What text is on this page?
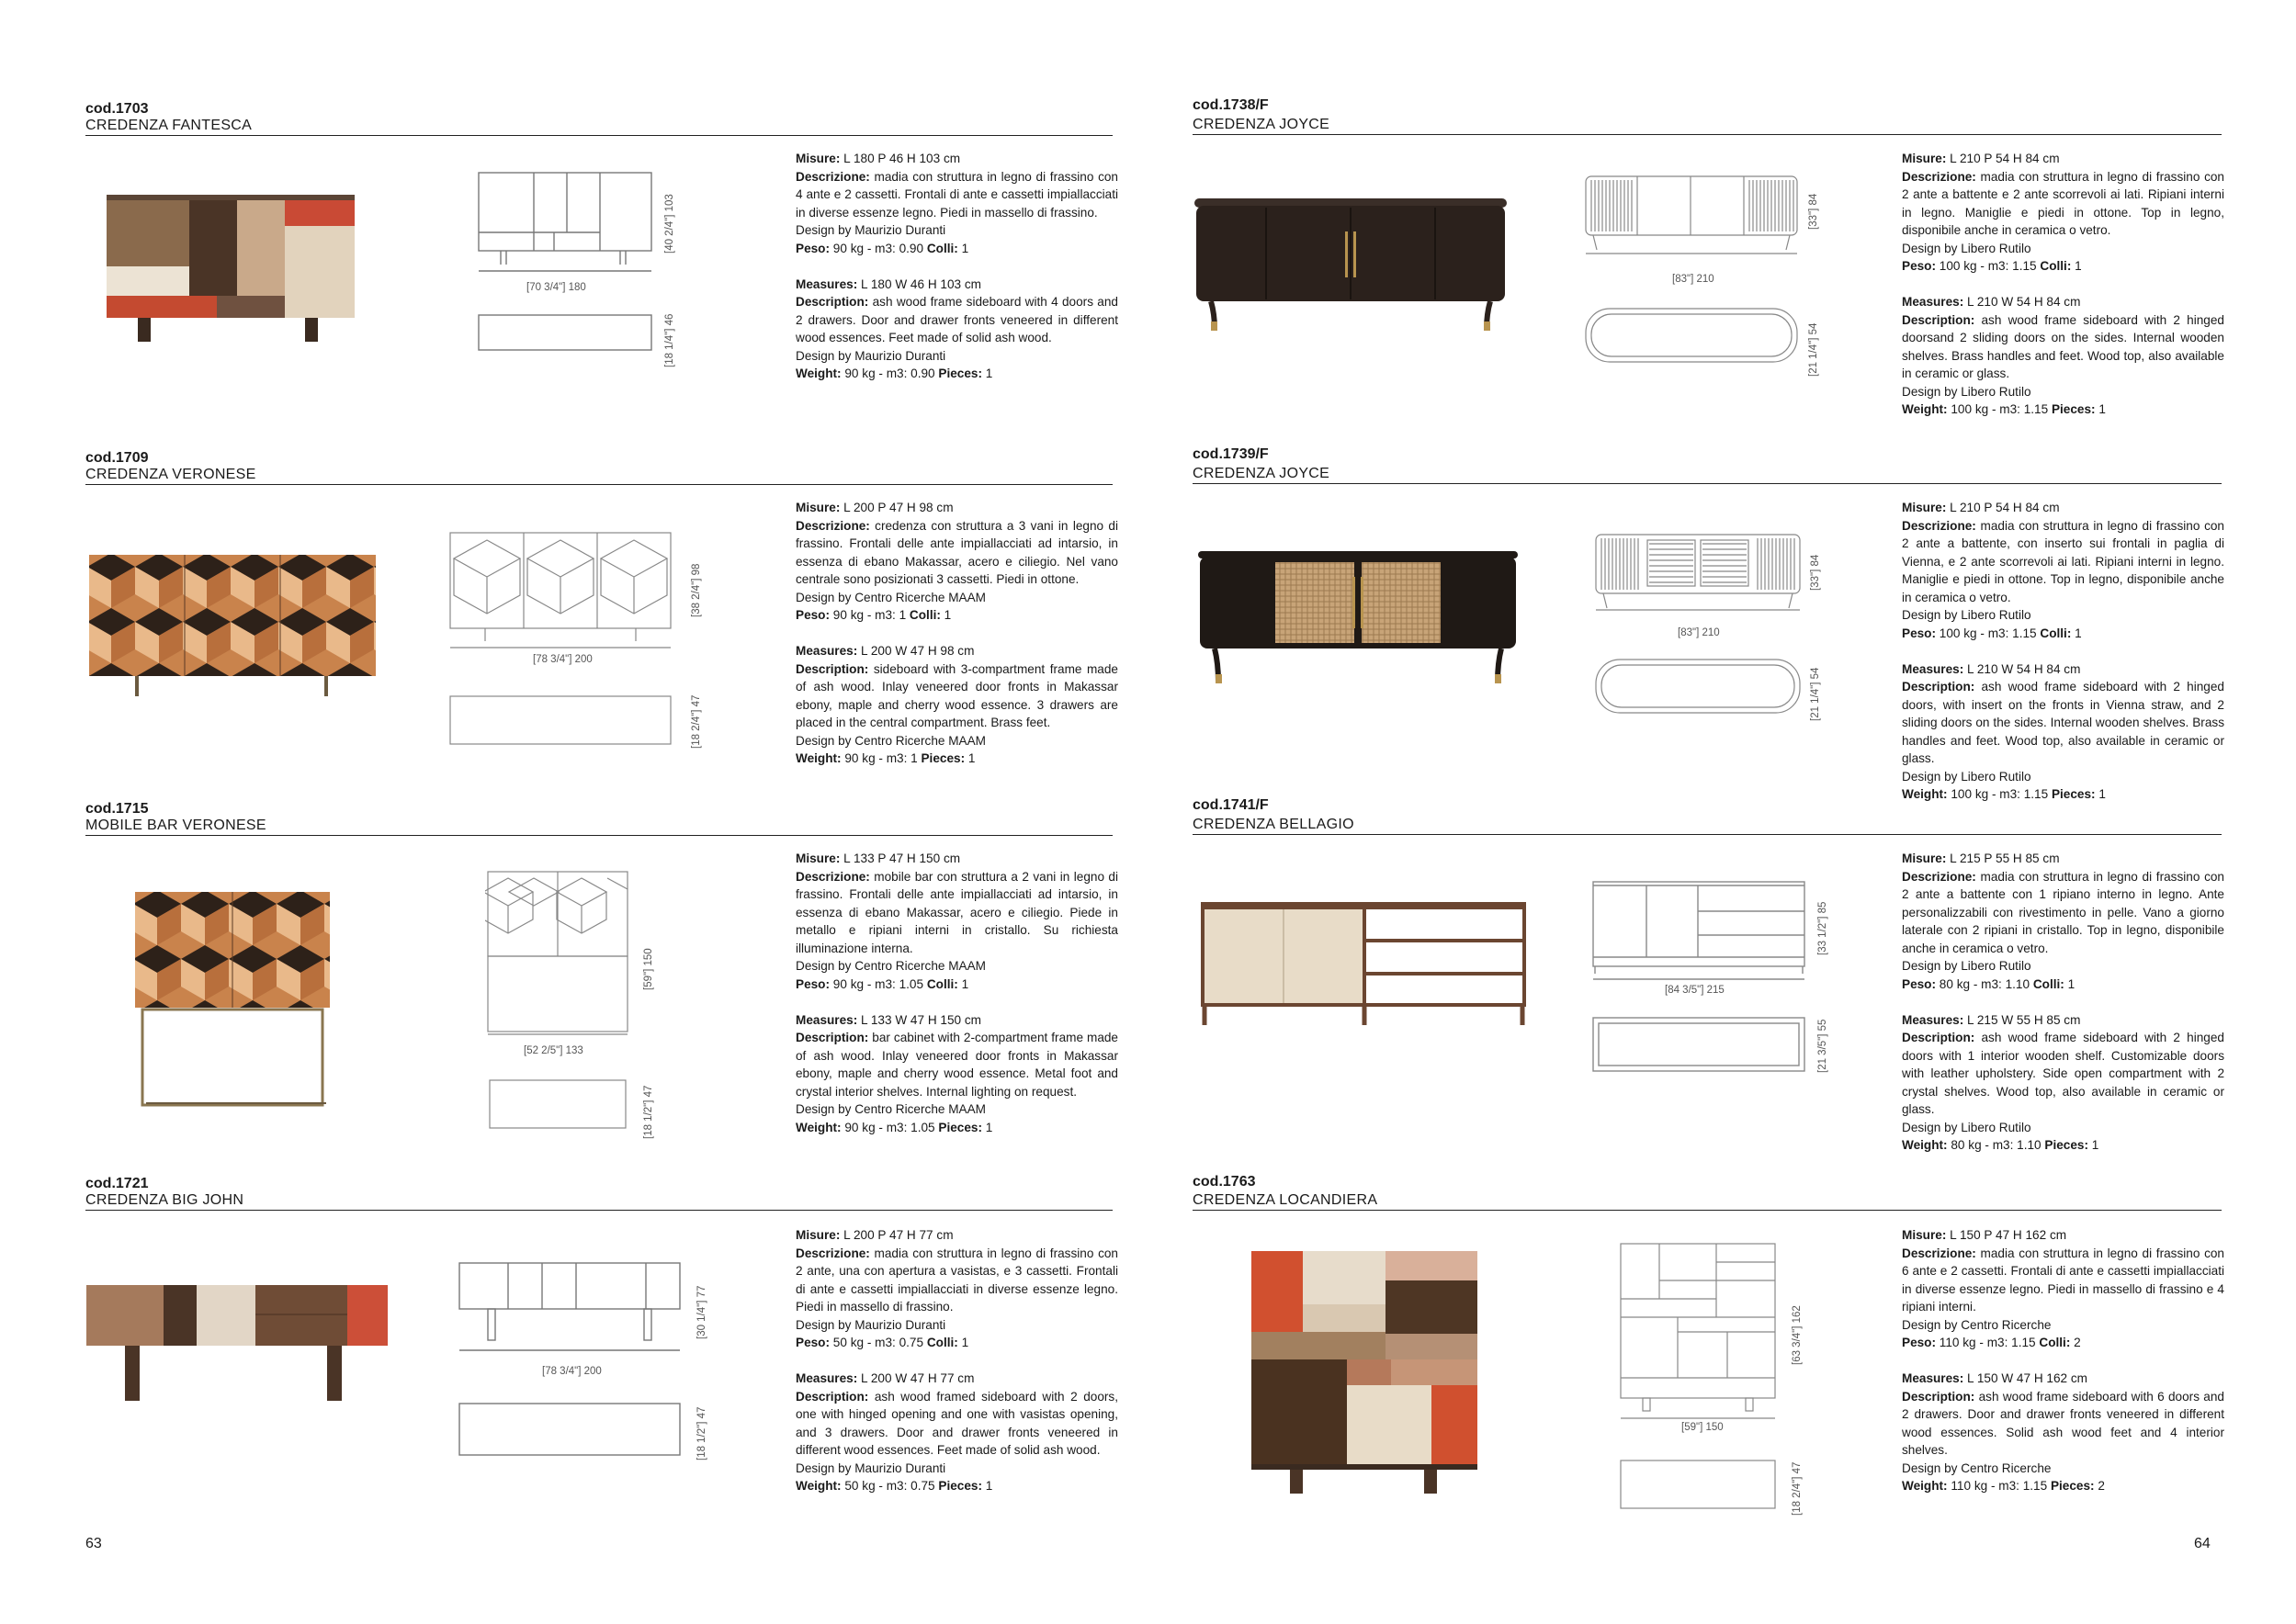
cod.1703
CREDENZA FANTESCA
[70 3/4"] 180
[40 2/4"] 103
[18 1/4"] 46

Misure: L 180 P 46 H 103 cm

Descrizione: madia con struttura in legno di frassino con 4 ante e 2 cassetti. Frontali di ante e cassetti impiallacciati in diverse essenze legno. Piedi in massello di frassino.

Design by Maurizio Duranti

Peso: 90 kg - m3: 0.90 Colli: 1

Measures: L 180 W 46 H 103 cm

Description: ash wood frame sideboard with 4 doors and 2 drawers. Door and drawer fronts veneered in different wood essences. Feet made of solid ash wood.

Design by Maurizio Duranti

Weight: 90 kg - m3: 0.90 Pieces: 1

cod.1709
CREDENZA VERONESE
[78 3/4"] 200
[38 2/4"] 98
[18 2/4"] 47

Misure: L 200 P 47 H 98 cm

Descrizione: credenza con struttura a 3 vani in legno di frassino. Frontali delle ante impiallacciati ad intarsio, in essenza di ebano Makassar, acero e ciliegio. Nel vano centrale sono posizionati 3 cassetti. Piedi in ottone.

Design by Centro Ricerche MAAM

Peso: 90 kg - m3: 1 Colli: 1

Measures: L 200 W 47 H 98 cm

Description: sideboard with 3-compartment frame made of ash wood. Inlay veneered door fronts in Makassar ebony, maple and cherry wood essence. 3 drawers are placed in the central compartment. Brass feet.

Design by Centro Ricerche MAAM

Weight: 90 kg - m3: 1 Pieces: 1

cod.1715
MOBILE BAR VERONESE
[52 2/5"] 133
[59"] 150
[18 1/2"] 47

Misure: L 133 P 47 H 150 cm

Descrizione: mobile bar con struttura a 2 vani in legno di frassino. Frontali delle ante impiallacciati ad intarsio, in essenza di ebano Makassar, acero e ciliegio. Piede in metallo e ripiani interni in cristallo. Su richiesta illuminazione interna.

Design by Centro Ricerche MAAM

Peso: 90 kg - m3: 1.05 Colli: 1

Measures: L 133 W 47 H 150 cm

Description: bar cabinet with 2-compartment frame made of ash wood. Inlay veneered door fronts in Makassar ebony, maple and cherry wood essence. Metal foot and crystal interior shelves. Internal lighting on request.

Design by Centro Ricerche MAAM

Weight: 90 kg - m3: 1.05 Pieces: 1

cod.1721
CREDENZA BIG JOHN
[78 3/4"] 200
[30 1/4"] 77
[18 1/2"] 47

Misure: L 200 P 47 H 77 cm

Descrizione: madia con struttura in legno di frassino con 2 ante, una con apertura a vasistas, e 3 cassetti. Frontali di ante e cassetti impiallacciati in diverse essenze legno. Piedi in massello di frassino.

Design by Maurizio Duranti

Peso: 50 kg - m3: 0.75 Colli: 1

Measures: L 200 W 47 H 77 cm

Description: ash wood framed sideboard with 2 doors, one with hinged opening and one with vasistas opening, and 3 drawers. Door and drawer fronts veneered in different wood essences. Feet made of solid ash wood.

Design by Maurizio Duranti

Weight: 50 kg - m3: 0.75 Pieces: 1

63
cod.1738/F
CREDENZA JOYCE
[83"] 210
[33"] 84
[21 1/4"] 54

Misure: L 210 P 54 H 84 cm

Descrizione: madia con struttura in legno di frassino con 2 ante a battente e 2 ante scorrevoli ai lati. Ripiani interni in legno. Maniglie e piedi in ottone. Top in legno, disponibile anche in ceramica o vetro.

Design by Libero Rutilo

Peso: 100 kg - m3: 1.15 Colli: 1

Measures: L 210 W 54 H 84 cm

Description: ash wood frame sideboard with 2 hinged doorsand 2 sliding doors on the sides. Internal wooden shelves. Brass handles and feet. Wood top, also available in ceramic or glass.

Design by Libero Rutilo

Weight: 100 kg - m3: 1.15 Pieces: 1

cod.1739/F
CREDENZA JOYCE
[83"] 210
[33"] 84
[21 1/4"] 54

Misure: L 210 P 54 H 84 cm

Descrizione: madia con struttura in legno di frassino con 2 ante a battente, con inserto sui frontali in paglia di Vienna, e 2 ante scorrevoli ai lati. Ripiani interni in legno. Maniglie e piedi in ottone. Top in legno, disponibile anche in ceramica o vetro.

Design by Libero Rutilo

Peso: 100 kg - m3: 1.15 Colli: 1

Measures: L 210 W 54 H 84 cm

Description: ash wood frame sideboard with 2 hinged doors, with insert on the fronts in Vienna straw, and 2 sliding doors on the sides. Internal wooden shelves. Brass handles and feet. Wood top, also available in ceramic or glass.

Design by Libero Rutilo

Weight: 100 kg - m3: 1.15 Pieces: 1

cod.1741/F
CREDENZA BELLAGIO
[84 3/5"] 215
[33 1/2"] 85
[21 3/5"] 55

Misure: L 215 P 55 H 85 cm

Descrizione: madia con struttura in legno di frassino con 2 ante a battente con 1 ripiano interno in legno. Ante personalizzabili con rivestimento in pelle. Vano a giorno laterale con 2 ripiani in cristallo. Top in legno, disponibile anche in ceramica o vetro.

Design by Libero Rutilo

Peso: 80 kg - m3: 1.10 Colli: 1

Measures: L 215 W 55 H 85 cm

Description: ash wood frame sideboard with 2 hinged doors with 1 interior wooden shelf. Customizable doors with leather upholstery. Side open compartment with 2 crystal shelves. Wood top, also available in ceramic or glass.

Design by Libero Rutilo

Weight: 80 kg - m3: 1.10 Pieces: 1

cod.1763
CREDENZA LOCANDIERA
[59"] 150
[63 3/4"] 162
[18 2/4"] 47

Misure: L 150 P 47 H 162 cm

Descrizione: madia con struttura in legno di frassino con 6 ante e 2 cassetti. Frontali di ante e cassetti impiallacciati in diverse essenze legno. Piedi in massello di frassino e 4 ripiani interni.

Design by Centro Ricerche

Peso: 110 kg - m3: 1.15 Colli: 2

Measures: L 150 W 47 H 162 cm

Description: ash wood frame sideboard with 6 doors and 2 drawers. Door and drawer fronts veneered in different wood essences. Solid ash wood feet and 4 interior shelves.

Design by Centro Ricerche

Weight: 110 kg - m3: 1.15 Pieces: 2

64
